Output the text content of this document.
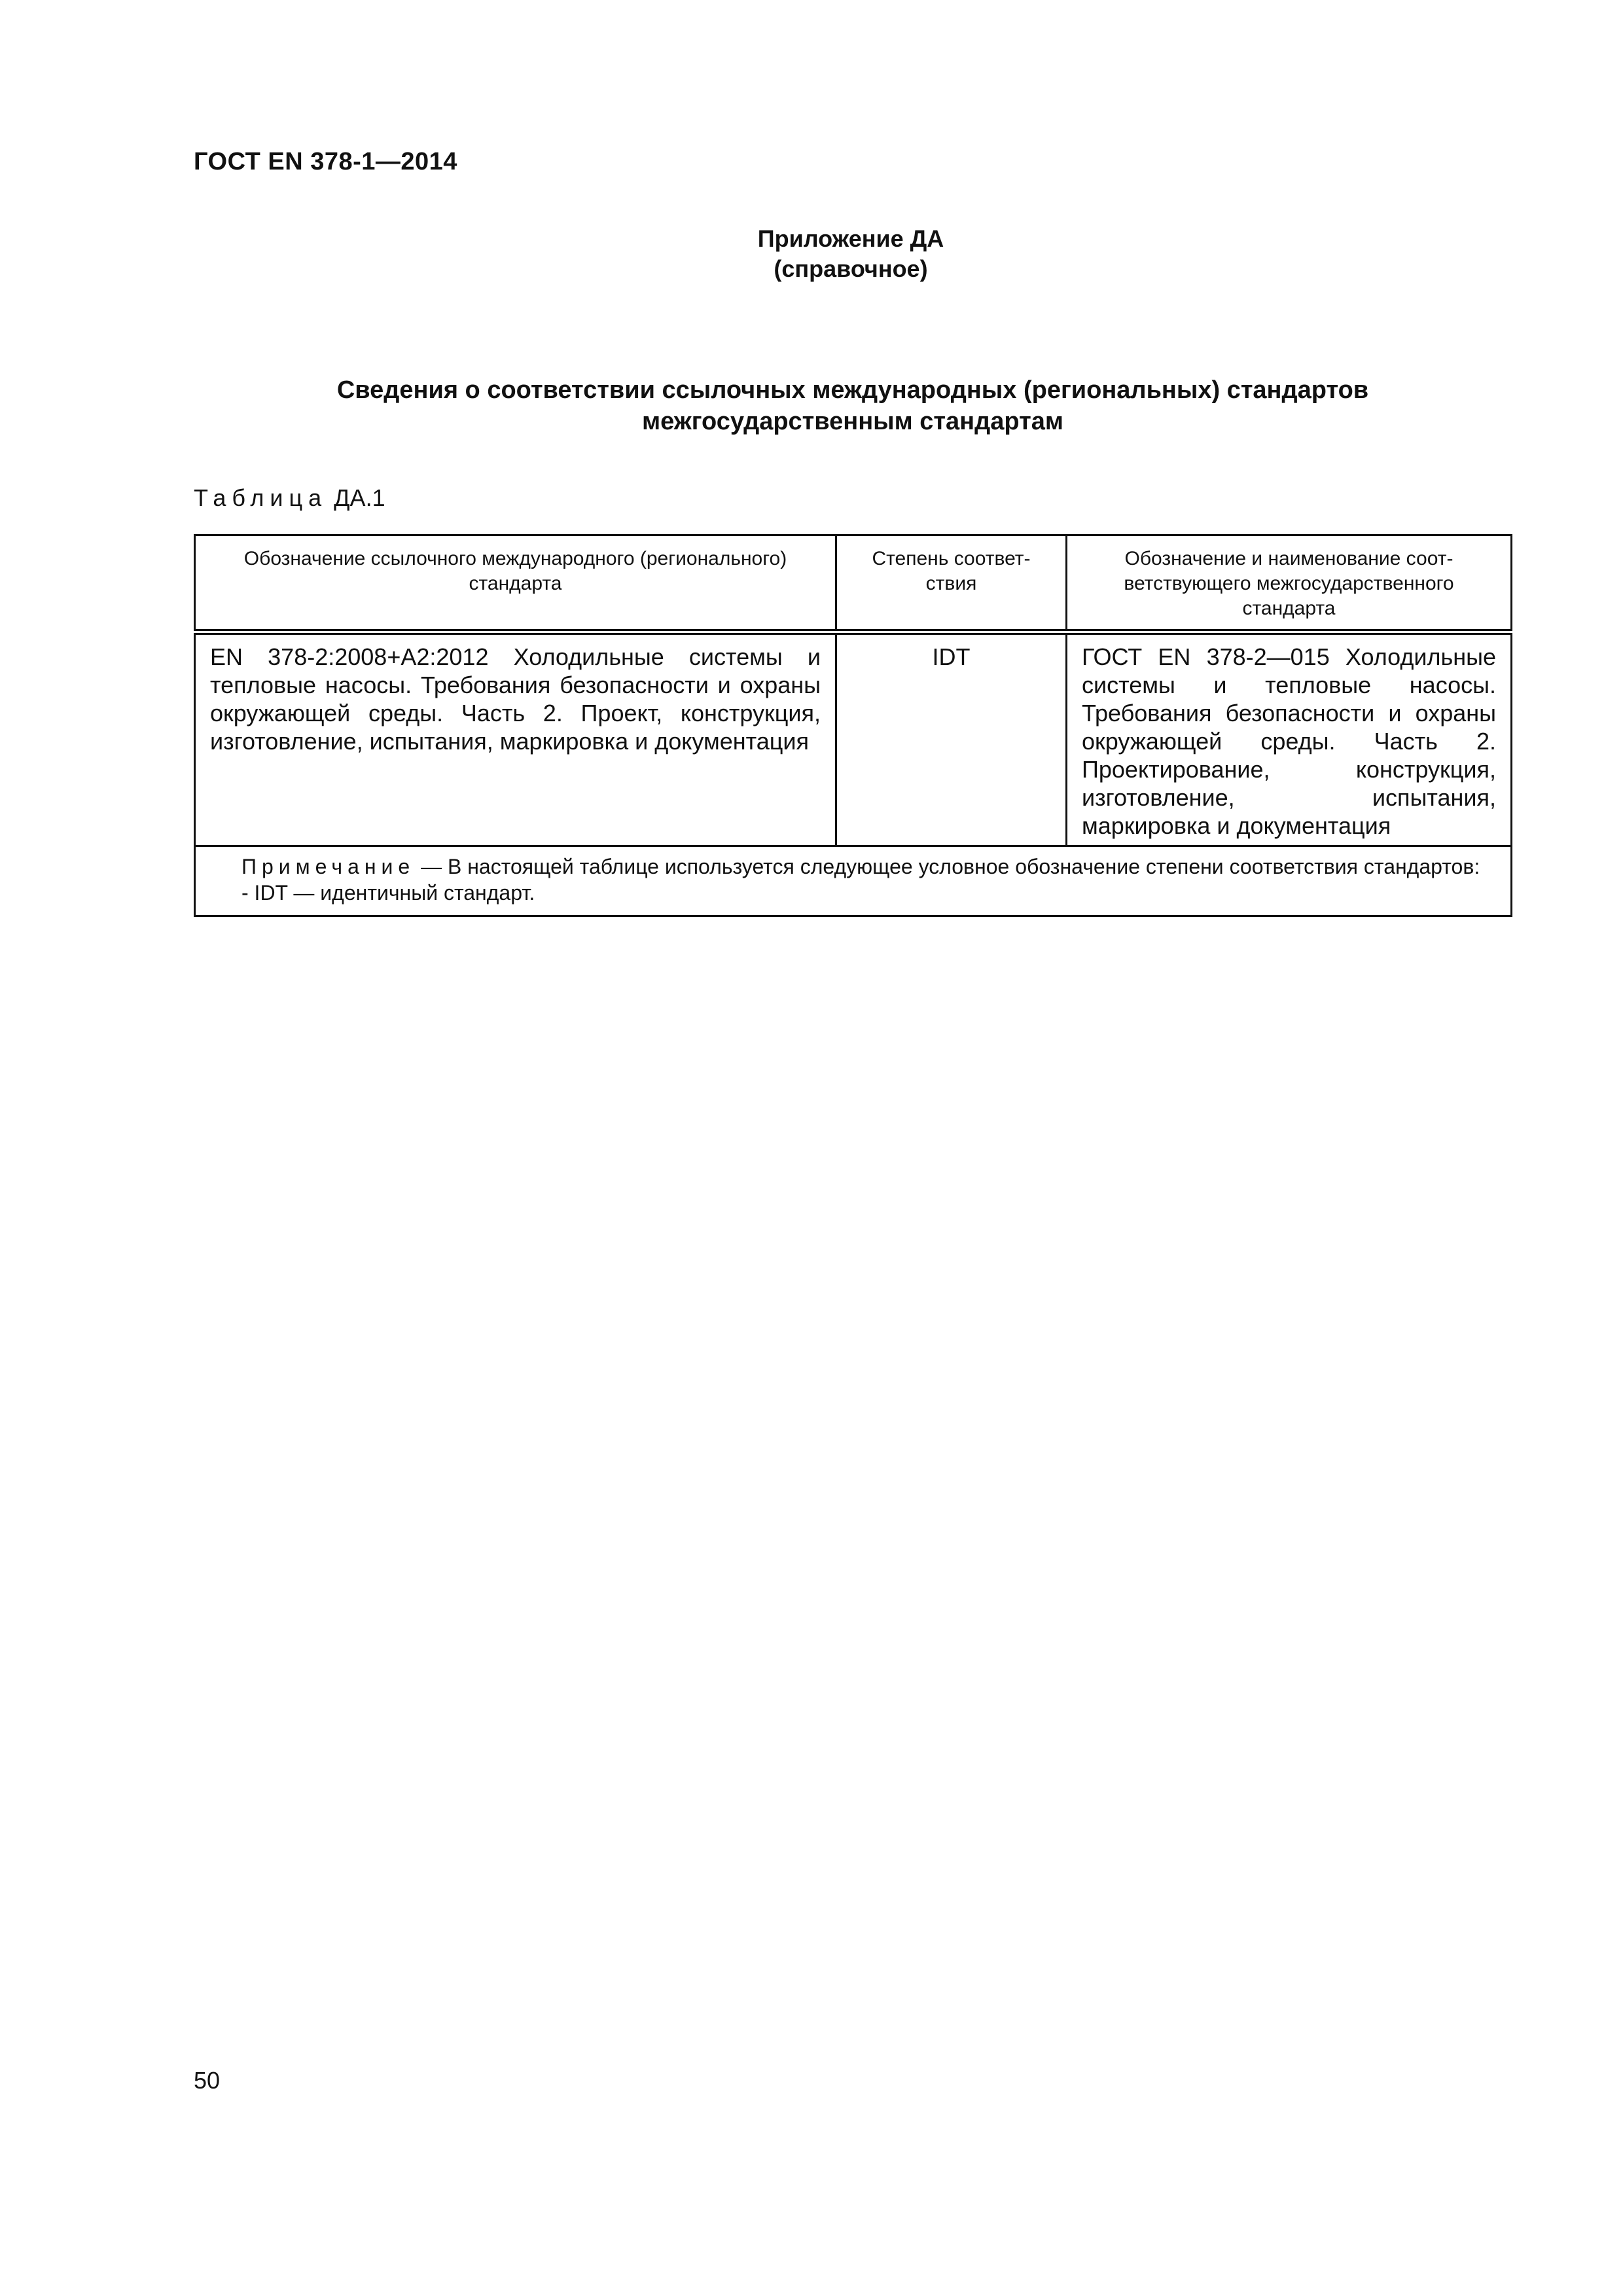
ГОСТ EN 378-1—2014
Приложение ДА
(справочное)
Сведения о соответствии ссылочных международных (региональных) стандартов
межгосударственным стандартам
Таблица ДА.1
Обозначение ссылочного международного (регионального) стандарта	Степень соответ- ствия	Обозначение и наименование соот- ветствующего межгосударственного стандарта
EN 378-2:2008+A2:2012 Холодильные системы и тепловые насосы. Требования безопасности и охраны окружающей среды. Часть 2. Проект, конструкция, изготовление, испытания, маркировка и документация	IDT	ГОСТ EN 378-2—015 Холодильные системы и тепловые насосы. Требования безопасности и охраны окружающей среды. Часть 2. Проектирование, конструкция, изготовление, испытания, маркировка и документация
Примечание — В настоящей таблице используется следующее условное обозначение степени соответствия стандартов:
- IDT — идентичный стандарт.		
50
